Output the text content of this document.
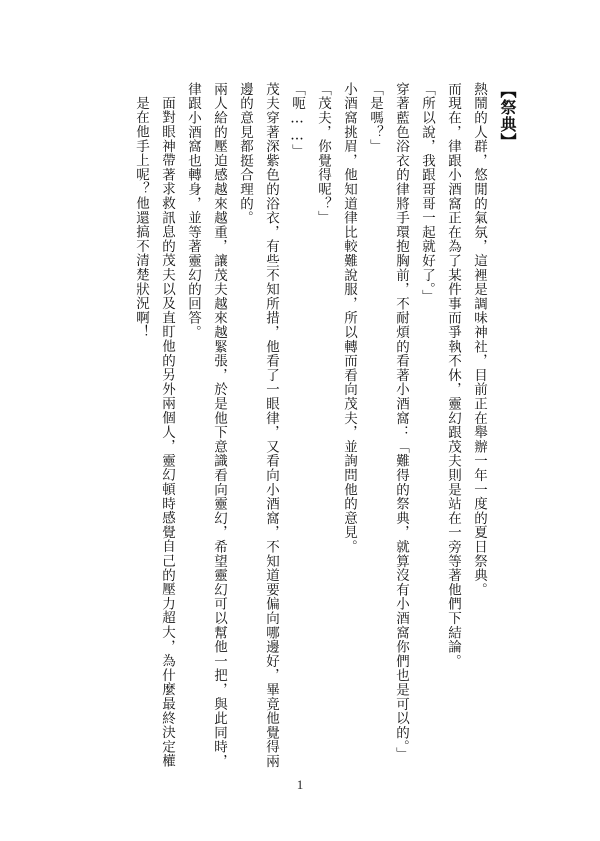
【祭典】
熱鬧的人群，悠閒的氣氛，這裡是調味神社，目前正在舉辦一年一度的夏日祭典。
而現在，律跟小酒窩正在為了某件事而爭執不休，靈幻跟茂夫則是站在一旁等著他們下結論。
「所以說，我跟哥哥一起就好了。」
穿著藍色浴衣的律將手環抱胸前，不耐煩的看著小酒窩：「難得的祭典，就算沒有小酒窩你們也是可以的。」
「是嗎？」
小酒窩挑眉，他知道律比較難說服，所以轉而看向茂夫，並詢問他的意見。
「茂夫，你覺得呢？」
「呃……」
茂夫穿著深紫色的浴衣，有些不知所措，他看了一眼律，又看向小酒窩，不知道要偏向哪邊好，畢竟他覺得兩邊的意見都挺合理的。
兩人給的壓迫感越來越重，讓茂夫越來越緊張，於是他下意識看向靈幻，希望靈幻可以幫他一把，與此同時，律跟小酒窩也轉身，並等著靈幻的回答。
面對眼神帶著求救訊息的茂夫以及直盯他的另外兩個人，靈幻頓時感覺自己的壓力超大，為什麼最終決定權是在他手上呢？他還搞不清楚狀況啊！
1
